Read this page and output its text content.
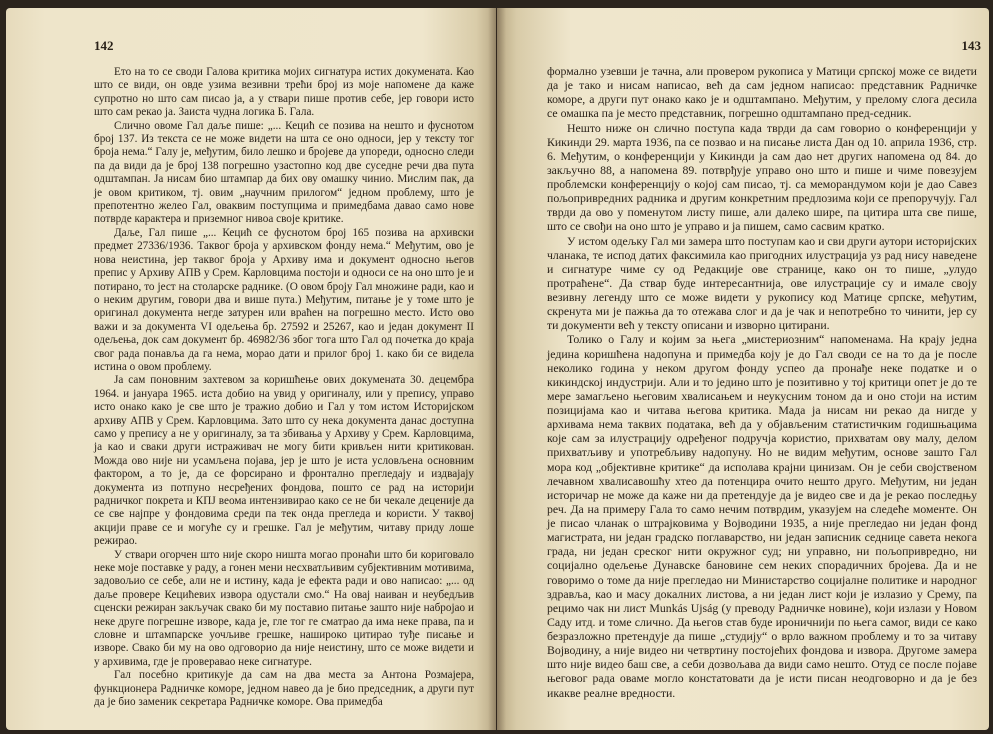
142

Ето на то се своди Галова критика мојих сигнатура истих докумената. Као што се види, он овде узима везивни трећи број из моје напомене да каже супротно но што сам писао ја, а у ствари пише против себе, јер говори исто што сам рекао ја. Заиста чудна логика Б. Гала.

Слично овоме Гал даље пише: „... Кецић се позива на нешто и фуснотом број 137. Из текста се не може видети на шта се оно односи, јер у тексту тог броја нема.“ Галу је, међутим, било лешко и бројеве да упореди, односно следи па да види да је број 138 погрешно узастопно код две суседне речи два пута одштампан. Ја нисам био штампар да бих ову омашку чинио. Мислим пак, да је овом критиком, тј. овим „научним прилогом“ једном проблему, што је препотентно желео Гал, оваквим поступцима и примедбама давао само нове потврде карактера и приземног нивоа своје критике.

Даље, Гал пише „... Кецић се фуснотом број 165 позива на архивски предмет 27336/1936. Таквог броја у архивском фонду нема.“ Међутим, ово је нова неистина, јер таквог броја у Архиву има и документ односно његов препис у Архиву АПВ у Срем. Карловцима постоји и односи се на оно што је и потирано, то јест на столарске раднике. (О овом броју Гал множине ради, као и о неким другим, говори два и више пута.) Међутим, питање је у томе што је оригинал документа негде затурен или враћен на погрешно место. Исто ово важи и за документа VI одељења бр. 27592 и 25267, као и један документ II одељења, док сам документ бр. 46982/36 због тога што Гал од почетка до краја свог рада понавља да га нема, морао дати и прилог број 1. како би се видела истина о овом проблему.

Ја сам поновним захтевом за коришћење ових докумената 30. децембра 1964. и јануара 1965. иста добио на увид у оригиналу, или у препису, управо исто онако како је све што је тражио добио и Гал у том истом Историјском архиву АПВ у Срем. Карловцима. Зато што су нека документа данас доступна само у препису а не у оригиналу, за та збивања у Архиву у Срем. Карловцима, ја као и сваки други истраживач не могу бити кривљен нити критикован. Можда ово није ни усамљена појава, јер је што је иста условљена основним фактором, а то је, да се форсирано и фронтално прегледају и издвајају документа из потпуно несређених фондова, пошто се рад на историји радничког покрета и КПЈ веома интензивирао како се не би чекале деценије да се све најпре у фондовима среди па тек онда прегледа и користи. У таквој акцији праве се и могуће су и грешке. Гал је међутим, читаву приду лоше режирао.

У ствари огорчен што није скоро ништа могао пронаћи што би кориговало неке моје поставке у раду, а гонен мени несхватљивим субјективним мотивима, задовољио се себе, али не и истину, када је ефекта ради и ово написао: „... од даље провере Кецићевих извора одустали смо.“ На овај наиван и неубедљив сценски режиран закључак свако би му поставио питање зашто није набројао и неке друге погрешне изворе, када је, гле тог ге сматрао да има неке права, па и словне и штампарске уочљиве грешке, нашироко цитирао туђе писање и изворе. Свако би му на ово одговорио да није неистину, што се може видети и у архивима, где је проверавао неке сигнатуре.

Гал посебно критикује да сам на два места за Антона Розмајера, функционера Радничке коморе, једном навео да је био председник, а други пут да је био заменик секретара Радничке коморе. Ова примедба

143

формално узевши је тачна, али провером рукописа у Матици српској може се видети да је тако и нисам написао, већ да сам једном написао: представник Радничке коморе, а други пут онако како је и одштампано. Међутим, у прелому слога десила се омашка па је место представник, погрешно одштампано пред-седник.

Нешто ниже он слично поступа када тврди да сам говорио о конференцији у Кикинди 29. марта 1936, па се позвао и на писање листа Дан од 10. априла 1936, стр. 6. Међутим, о конференцији у Кикинди ја сам дао нет других напомена од 84. до закључно 88, а напомена 89. потврђује управо оно што и пише и чиме повезујем проблемски конференцију о којој сам писао, тј. са меморандумом који је дао Савез пољопривредних радника и другим конкретним предлозима који се препоручују. Гал тврди да ово у поменутом листу пише, али далеко шире, па цитира шта све пише, што се свођи на оно што је управо и ја пишем, само сасвим кратко.

У истом одељку Гал ми замера што поступам као и сви други аутори историјских чланака, те испод датих факсимила као пригодних илустрација уз рад нису наведене и сигнатуре чиме су од Редакције ове странице, како он то пише, „улудо протраћене“. Да ствар буде интересантнија, ове илустрације су и имале своју везивну легенду што се може видети у рукопису код Матице српске, међутим, скренута ми је пажња да то отежава слог и да је чак и непотребно то чинити, јер су ти документи већ у тексту описани и изворно цитирани.

Толико о Галу и којим за њега „мистериозним“ напоменама. На крају једна једина коришћена надопуна и примедба коју је до Гал своди се на то да је после неколико година у неком другом фонду успео да пронађе неке податке и о кикиндској индустрији. Али и то једино што је позитивно у тој критици опет је до те мере замагљено његовим хвалисањем и неукусним тоном да и оно стоји на истим позицијама као и читава његова критика. Мада ја нисам ни рекао да нигде у архивама нема таквих података, већ да у објављеним статистичким годишњацима које сам за илустрацију одређеног подручја користио, прихватам ову малу, делом прихватљиву и употребљиву надопуну. Но не видим међутим, основе зашто Гал мора код „објективне критике“ да исполава крајни цинизам. Он је себи својственом лечавном хвалисавошћу хтео да потенцира очито нешто друго. Међутим, ни један историчар не може да каже ни да претендује да је видео све и да је рекао последњу реч. Да на примеру Гала то само нечим потврдим, указујем на следеће моменте. Он је писао чланак о штрајковима у Војводини 1935, а није прегледао ни један фонд магистрата, ни један градско поглаварство, ни један записник седнице савета некога града, ни један среског нити окружног суд; ни управно, ни пољопривредно, ни социјално одељење Дунавске бановине сем неких спорадичних бројева. Да и не говоримо о томе да није прегледао ни Министарство социјалне политике и народног здравља, као и масу докалних листова, а ни један лист који је излазио у Срему, па рецимо чак ни лист Munkás Ujság (у преводу Радничке новине), који излази у Новом Саду итд. и томе слично. Да његов став буде ироничнији по њега самог, види се како безразложно претендује да пише „студију“ о врло важном проблему и то за читаву Војводину, а није видео ни четвртину постојећих фондова и извора. Другоме замера што није видео баш све, а себи дозвољава да види само нешто. Отуд се после појаве његовог рада оваме могло констатовати да је исти писан неодговорно и да је без икакве реалне вредности.
